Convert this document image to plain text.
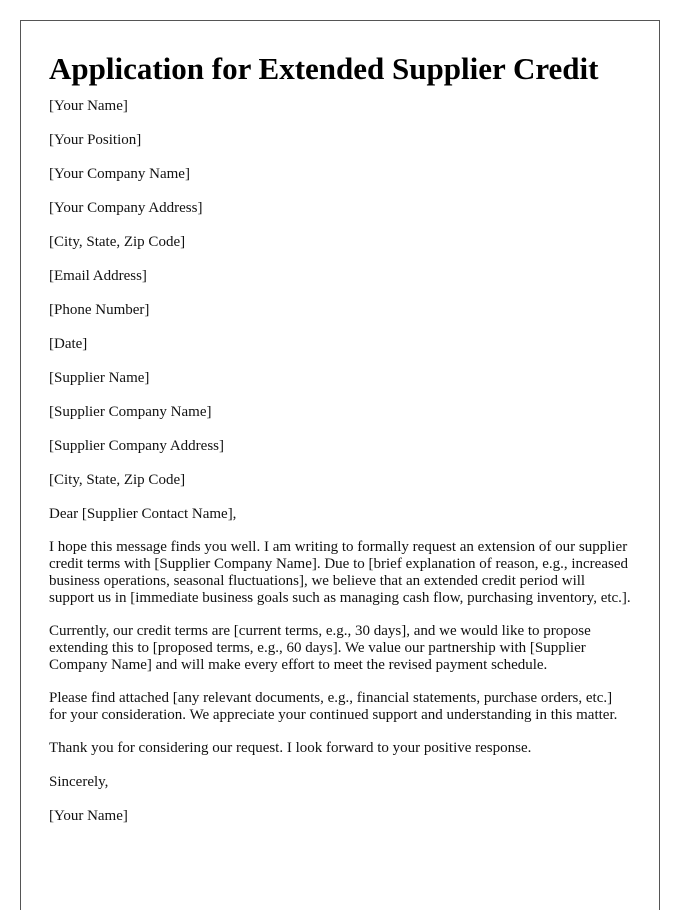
Application for Extended Supplier Credit
[Your Name]
[Your Position]
[Your Company Name]
[Your Company Address]
[City, State, Zip Code]
[Email Address]
[Phone Number]
[Date]
[Supplier Name]
[Supplier Company Name]
[Supplier Company Address]
[City, State, Zip Code]
Dear [Supplier Contact Name],

I hope this message finds you well. I am writing to formally request an extension of our supplier credit terms with [Supplier Company Name]. Due to [brief explanation of reason, e.g., increased business operations, seasonal fluctuations], we believe that an extended credit period will support us in [immediate business goals such as managing cash flow, purchasing inventory, etc.].

Currently, our credit terms are [current terms, e.g., 30 days], and we would like to propose extending this to [proposed terms, e.g., 60 days]. We value our partnership with [Supplier Company Name] and will make every effort to meet the revised payment schedule.

Please find attached [any relevant documents, e.g., financial statements, purchase orders, etc.] for your consideration. We appreciate your continued support and understanding in this matter.

Thank you for considering our request. I look forward to your positive response.

Sincerely,
[Your Name]
